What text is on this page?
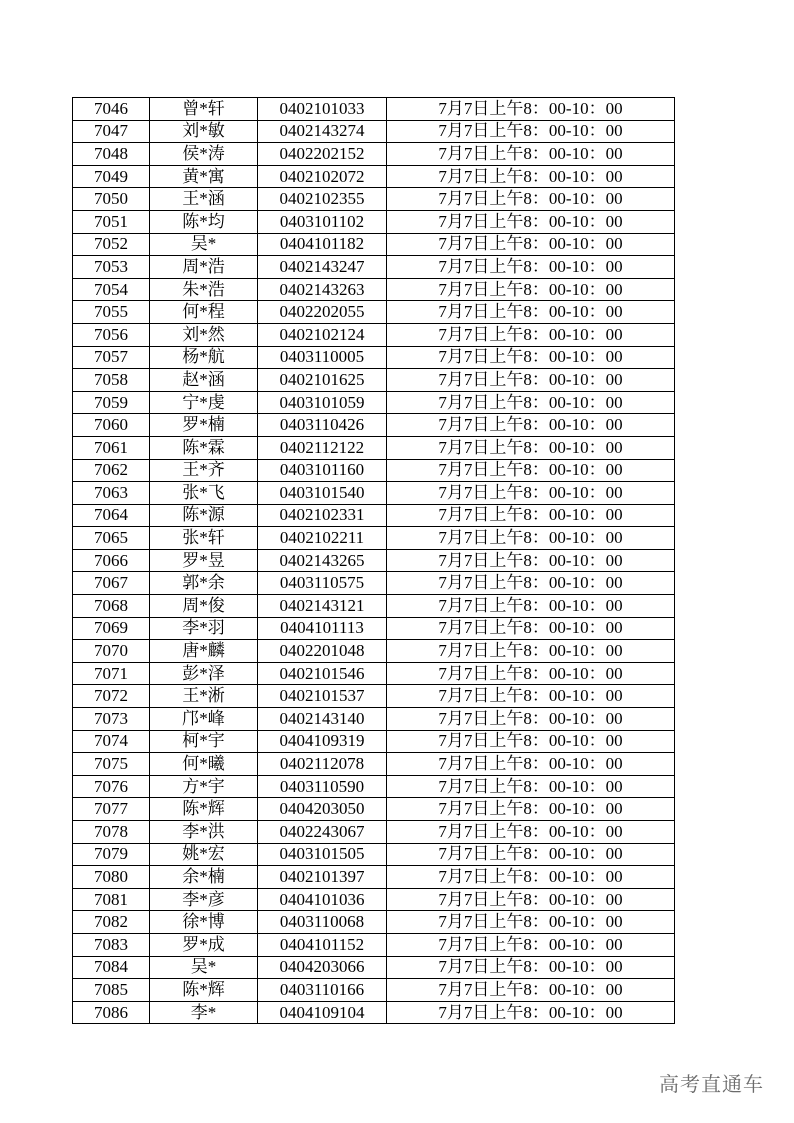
7046	曾*轩	0402101033	7月7日上午8：00-10：00
7047	刘*敏	0402143274	7月7日上午8：00-10：00
7048	侯*涛	0402202152	7月7日上午8：00-10：00
7049	黄*寓	0402102072	7月7日上午8：00-10：00
7050	王*涵	0402102355	7月7日上午8：00-10：00
7051	陈*均	0403101102	7月7日上午8：00-10：00
7052	吴*	0404101182	7月7日上午8：00-10：00
7053	周*浩	0402143247	7月7日上午8：00-10：00
7054	朱*浩	0402143263	7月7日上午8：00-10：00
7055	何*程	0402202055	7月7日上午8：00-10：00
7056	刘*然	0402102124	7月7日上午8：00-10：00
7057	杨*航	0403110005	7月7日上午8：00-10：00
7058	赵*涵	0402101625	7月7日上午8：00-10：00
7059	宁*虔	0403101059	7月7日上午8：00-10：00
7060	罗*楠	0403110426	7月7日上午8：00-10：00
7061	陈*霖	0402112122	7月7日上午8：00-10：00
7062	王*齐	0403101160	7月7日上午8：00-10：00
7063	张*飞	0403101540	7月7日上午8：00-10：00
7064	陈*源	0402102331	7月7日上午8：00-10：00
7065	张*轩	0402102211	7月7日上午8：00-10：00
7066	罗*昱	0402143265	7月7日上午8：00-10：00
7067	郭*余	0403110575	7月7日上午8：00-10：00
7068	周*俊	0402143121	7月7日上午8：00-10：00
7069	李*羽	0404101113	7月7日上午8：00-10：00
7070	唐*麟	0402201048	7月7日上午8：00-10：00
7071	彭*泽	0402101546	7月7日上午8：00-10：00
7072	王*淅	0402101537	7月7日上午8：00-10：00
7073	邝*峰	0402143140	7月7日上午8：00-10：00
7074	柯*宇	0404109319	7月7日上午8：00-10：00
7075	何*曦	0402112078	7月7日上午8：00-10：00
7076	方*宇	0403110590	7月7日上午8：00-10：00
7077	陈*辉	0404203050	7月7日上午8：00-10：00
7078	李*洪	0402243067	7月7日上午8：00-10：00
7079	姚*宏	0403101505	7月7日上午8：00-10：00
7080	余*楠	0402101397	7月7日上午8：00-10：00
7081	李*彦	0404101036	7月7日上午8：00-10：00
7082	徐*博	0403110068	7月7日上午8：00-10：00
7083	罗*成	0404101152	7月7日上午8：00-10：00
7084	吴*	0404203066	7月7日上午8：00-10：00
7085	陈*辉	0403110166	7月7日上午8：00-10：00
7086	李*	0404109104	7月7日上午8：00-10：00
高考直通车
